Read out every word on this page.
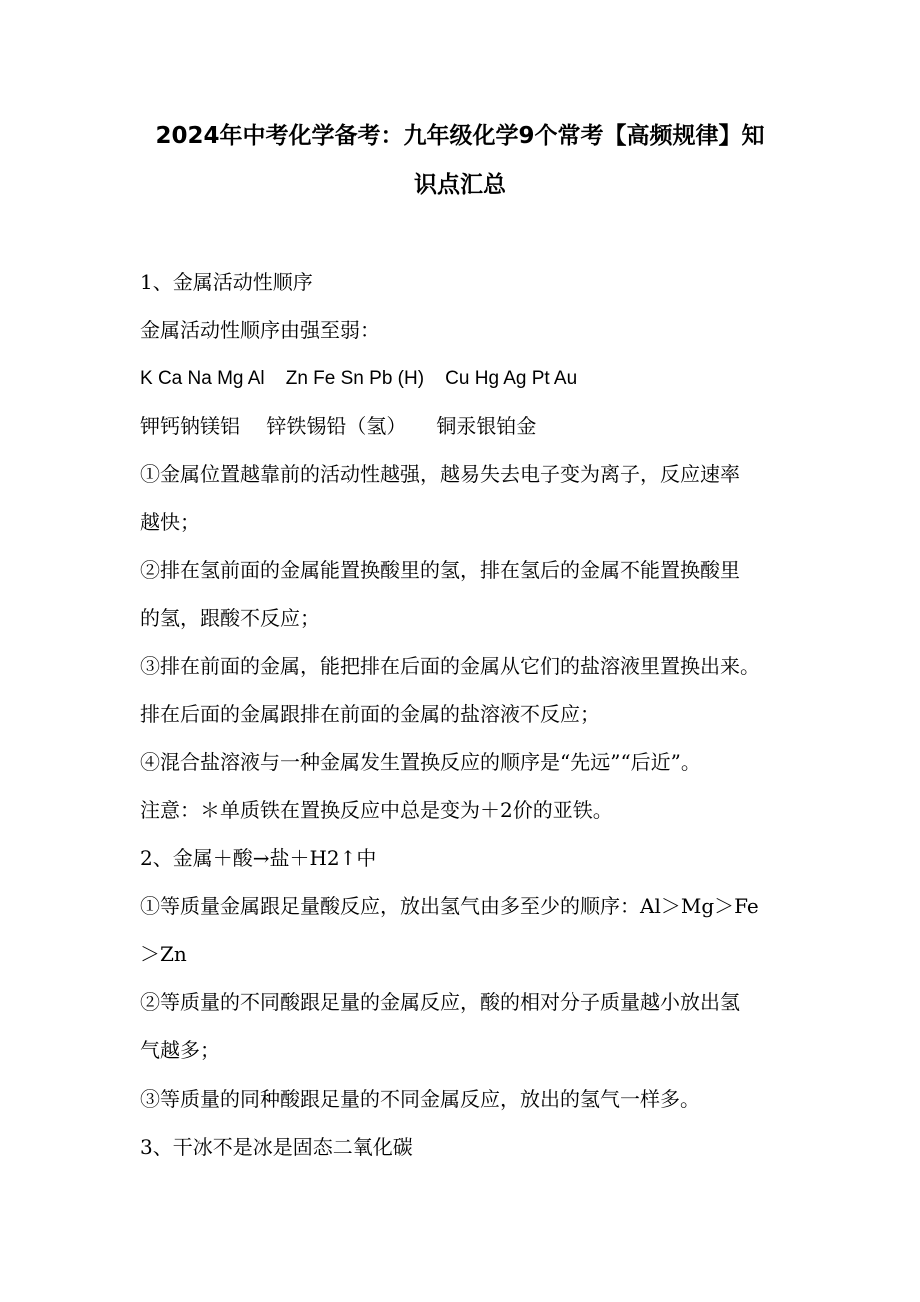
2024年中考化学备考：九年级化学9个常考【高频规律】知
识点汇总
1、金属活动性顺序
金属活动性顺序由强至弱：
K Ca Na Mg Al    Zn Fe Sn Pb (H)    Cu Hg Ag Pt Au
钾钙钠镁铝　 锌铁锡铅（氢）　　铜汞银铂金
①金属位置越靠前的活动性越强，越易失去电子变为离子，反应速率
越快；
②排在氢前面的金属能置换酸里的氢，排在氢后的金属不能置换酸里
的氢，跟酸不反应；
③排在前面的金属，能把排在后面的金属从它们的盐溶液里置换出来。
排在后面的金属跟排在前面的金属的盐溶液不反应；
④混合盐溶液与一种金属发生置换反应的顺序是“先远”“后近”。
注意：＊单质铁在置换反应中总是变为＋2价的亚铁。
2、金属＋酸→盐＋H2↑中
①等质量金属跟足量酸反应，放出氢气由多至少的顺序：Al＞Mg＞Fe
＞Zn
②等质量的不同酸跟足量的金属反应，酸的相对分子质量越小放出氢
气越多；
③等质量的同种酸跟足量的不同金属反应，放出的氢气一样多。
3、干冰不是冰是固态二氧化碳
